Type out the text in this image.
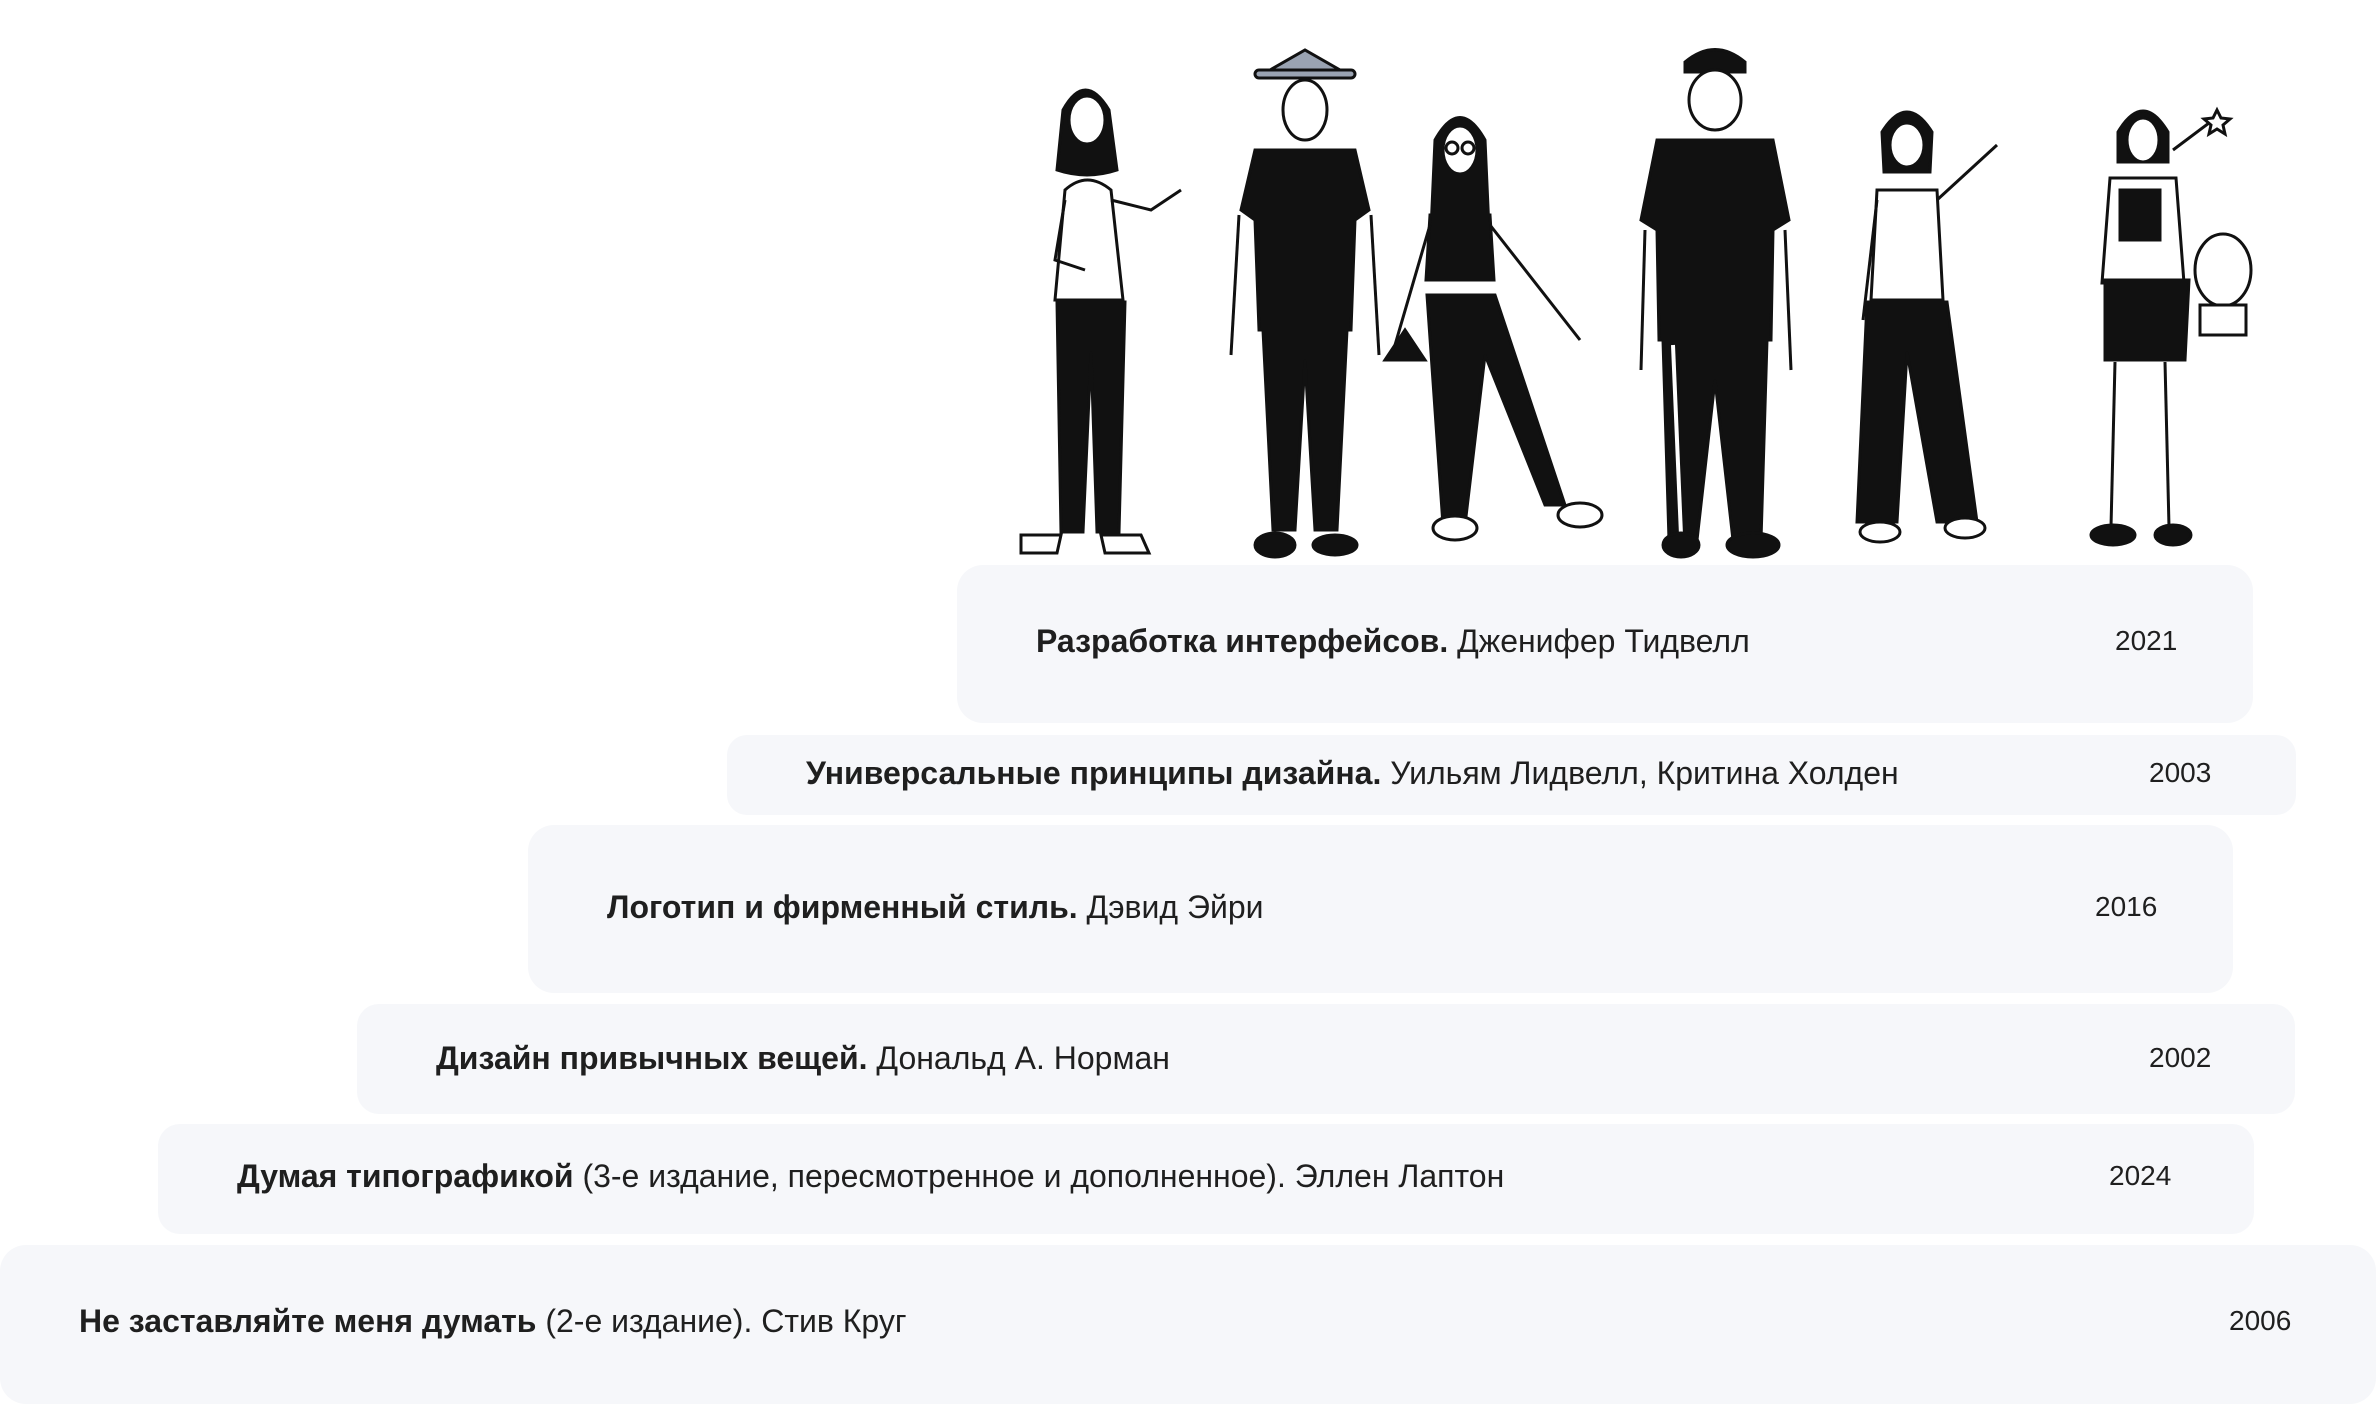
Разработка интерфейсов. Дженифер Тидвелл	2021
Универсальные принципы дизайна. Уильям Лидвелл, Критина Холден	2003
Логотип и фирменный стиль. Дэвид Эйри	2016
Дизайн привычных вещей. Дональд А. Норман	2002
Думая типографикой (3-е издание, пересмотренное и дополненное). Эллен Лаптон	2024
Не заставляйте меня думать (2-е издание). Стив Круг	2006
